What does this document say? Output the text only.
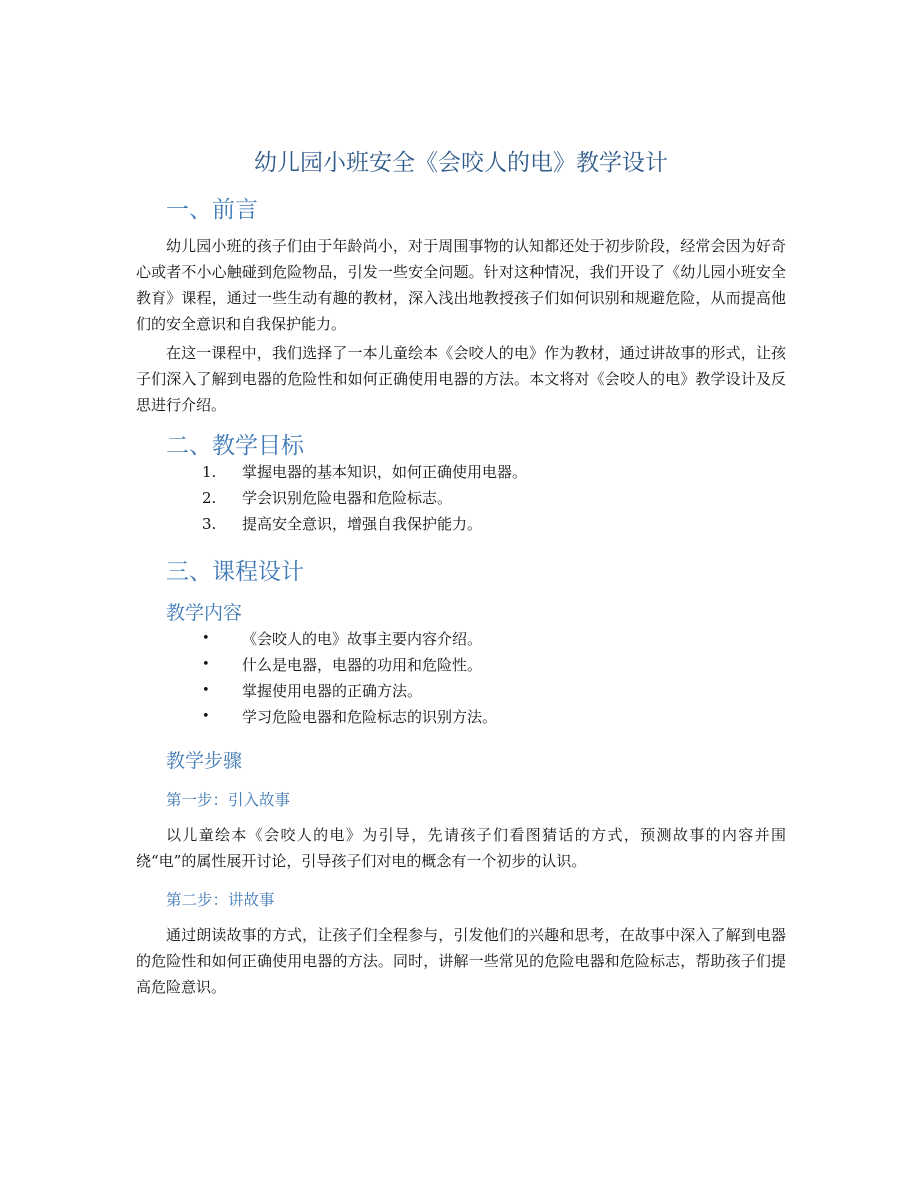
幼儿园小班安全《会咬人的电》教学设计
一、前言
幼儿园小班的孩子们由于年龄尚小，对于周围事物的认知都还处于初步阶段，经常会因为好奇心或者不小心触碰到危险物品，引发一些安全问题。针对这种情况，我们开设了《幼儿园小班安全教育》课程，通过一些生动有趣的教材，深入浅出地教授孩子们如何识别和规避危险，从而提高他们的安全意识和自我保护能力。
在这一课程中，我们选择了一本儿童绘本《会咬人的电》作为教材，通过讲故事的形式，让孩子们深入了解到电器的危险性和如何正确使用电器的方法。本文将对《会咬人的电》教学设计及反思进行介绍。
二、教学目标
1. 掌握电器的基本知识，如何正确使用电器。
2. 学会识别危险电器和危险标志。
3. 提高安全意识，增强自我保护能力。
三、课程设计
教学内容
• 《会咬人的电》故事主要内容介绍。
• 什么是电器，电器的功用和危险性。
• 掌握使用电器的正确方法。
• 学习危险电器和危险标志的识别方法。
教学步骤
第一步：引入故事
以儿童绘本《会咬人的电》为引导，先请孩子们看图猜话的方式，预测故事的内容并围绕“电”的属性展开讨论，引导孩子们对电的概念有一个初步的认识。
第二步：讲故事
通过朗读故事的方式，让孩子们全程参与，引发他们的兴趣和思考，在故事中深入了解到电器的危险性和如何正确使用电器的方法。同时，讲解一些常见的危险电器和危险标志，帮助孩子们提高危险意识。
